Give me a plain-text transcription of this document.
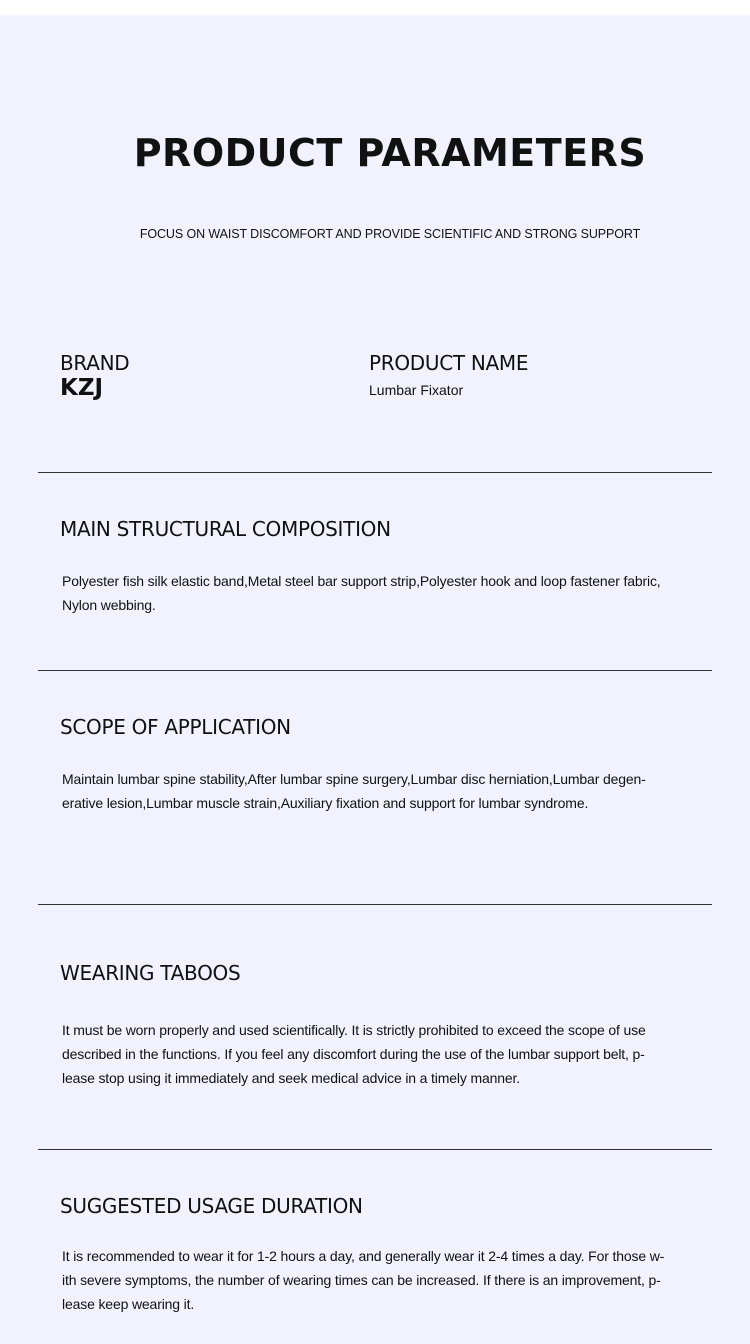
PRODUCT PARAMETERS
FOCUS ON WAIST DISCOMFORT AND PROVIDE SCIENTIFIC AND STRONG SUPPORT
BRAND
KZJ
PRODUCT NAME
Lumbar Fixator
MAIN STRUCTURAL COMPOSITION
Polyester fish silk elastic band,Metal steel bar support strip,Polyester hook and loop fastener fabric,
Nylon webbing.
SCOPE OF APPLICATION
Maintain lumbar spine stability,After lumbar spine surgery,Lumbar disc herniation,Lumbar degen-
erative lesion,Lumbar muscle strain,Auxiliary fixation and support for lumbar syndrome.
WEARING TABOOS
It must be worn properly and used scientifically. It is strictly prohibited to exceed the scope of use
described in the functions. If you feel any discomfort during the use of the lumbar support belt, p-
lease stop using it immediately and seek medical advice in a timely manner.
SUGGESTED USAGE DURATION
It is recommended to wear it for 1-2 hours a day, and generally wear it 2-4 times a day. For those w-
ith severe symptoms, the number of wearing times can be increased. If there is an improvement, p-
lease keep wearing it.
